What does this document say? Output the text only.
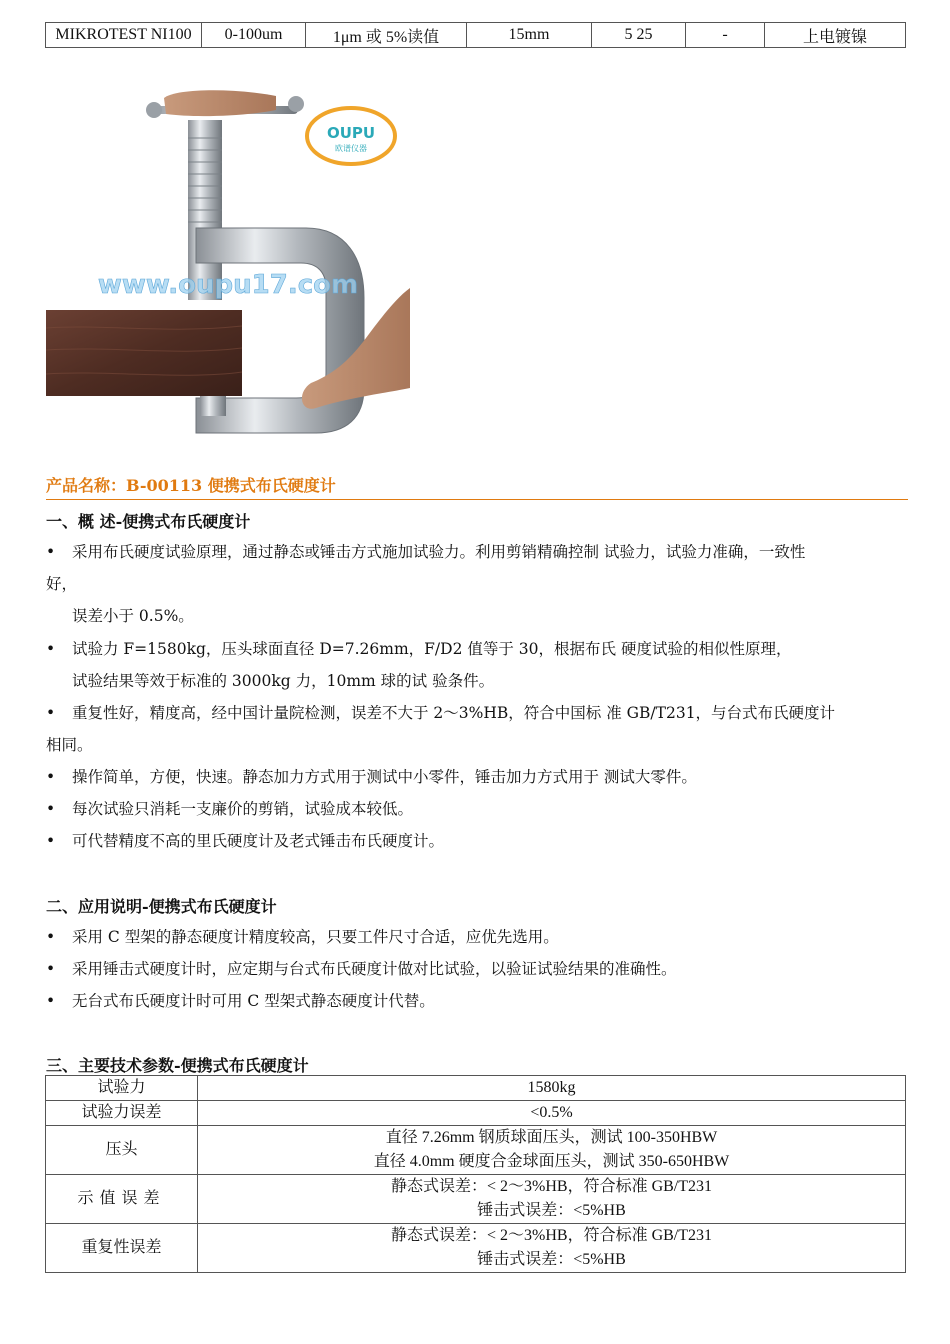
MIKROTEST NI100	0-100um	1μm 或 5%读值	15mm	5 25	-	上电镀镍
OUPU
欧谱仪器
www.oupu17.com
产品名称：B-00113 便携式布氏硬度计
一、概 述-便携式布氏硬度计
• 采用布氏硬度试验原理，通过静态或锤击方式施加试验力。利用剪销精确控制 试验力，试验力准确，一致性
好，
误差小于 0.5%。
• 试验力 F=1580kg，压头球面直径 D=7.26mm，F/D2 值等于 30，根据布氏 硬度试验的相似性原理，
试验结果等效于标准的 3000kg 力，10mm 球的试 验条件。
• 重复性好，精度高，经中国计量院检测，误差不大于 2～3%HB，符合中国标 准 GB/T231，与台式布氏硬度计
相同。
• 操作简单，方便，快速。静态加力方式用于测试中小零件，锤击加力方式用于 测试大零件。
• 每次试验只消耗一支廉价的剪销，试验成本较低。
• 可代替精度不高的里氏硬度计及老式锤击布氏硬度计。
二、应用说明-便携式布氏硬度计
• 采用 C 型架的静态硬度计精度较高，只要工件尺寸合适，应优先选用。
• 采用锤击式硬度计时，应定期与台式布氏硬度计做对比试验，以验证试验结果的准确性。
• 无台式布氏硬度计时可用 C 型架式静态硬度计代替。
三、主要技术参数-便携式布氏硬度计
试验力	1580kg
试验力误差	<0.5%
压头	直径 7.26mm 钢质球面压头，测试 100-350HBW
直径 4.0mm 硬度合金球面压头，测试 350-650HBW

示值误差	静态式误差：< 2～3%HB，符合标准 GB/T231
锤击式误差：<5%HB

重复性误差	静态式误差：< 2～3%HB，符合标准 GB/T231
锤击式误差：<5%HB
